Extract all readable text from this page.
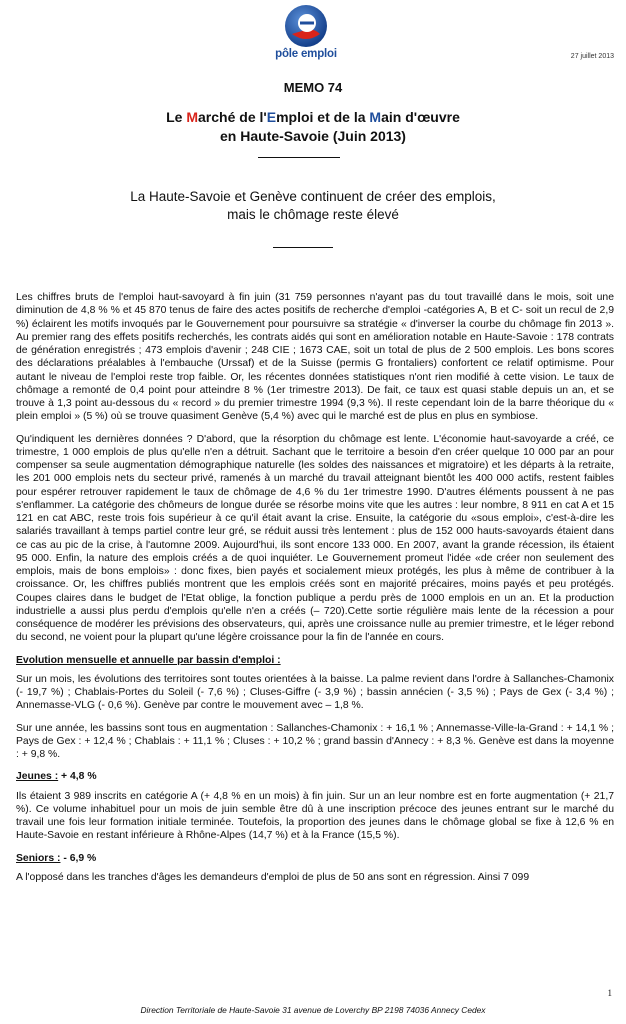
pôle emploi	27 juillet 2013
MEMO 74
Le Marché de l'Emploi et de la Main d'œuvre
en Haute-Savoie (Juin 2013)
La Haute-Savoie et Genève continuent de créer des emplois,
mais le chômage reste élevé

Les chiffres bruts de l'emploi haut-savoyard à fin juin (31 759 personnes n'ayant pas du tout travaillé dans le mois, soit une diminution de 4,8 % % et 45 870 tenus de faire des actes positifs de recherche d'emploi -catégories A, B et C- soit un recul de 2,9 %) éclairent les motifs invoqués par le Gouvernement pour poursuivre sa stratégie « d'inverser la courbe du chômage fin 2013 ». Au premier rang des effets positifs recherchés, les contrats aidés qui sont en amélioration notable en Haute-Savoie : 178 contrats de génération enregistrés ; 473 emplois d'avenir ; 248 CIE ; 1673 CAE, soit un total de plus de 2 500 emplois. Les bons scores des déclarations préalables à l'embauche (Urssaf) et de la Suisse (permis G frontaliers) confortent ce relatif optimisme. Pour autant le niveau de l'emploi reste trop faible. Or, les récentes données statistiques n'ont rien modifié à cette vision. Le taux de chômage a remonté de 0,4 point pour atteindre 8 % (1er trimestre 2013). De fait, ce taux est quasi stable depuis un an, et se trouve à 1,3 point au-dessous du « record » du premier trimestre 1994 (9,3 %). Il reste cependant loin de la barre théorique du « plein emploi » (5 %) où se trouve quasiment Genève (5,4 %) avec qui le marché est de plus en plus en symbiose.

Qu'indiquent les dernières données ? D'abord, que la résorption du chômage est lente. L'économie haut-savoyarde a créé, ce trimestre, 1 000 emplois de plus qu'elle n'en a détruit. Sachant que le territoire a besoin d'en créer quelque 10 000 par an pour compenser sa seule augmentation démographique naturelle (les soldes des naissances et migratoire) et les départs à la retraite, les 201 000 emplois nets du secteur privé, ramenés à un marché du travail atteignant bientôt les 400 000 actifs, restent faibles pour espérer retrouver rapidement le taux de chômage de 4,6 % du 1er trimestre 1990. D'autres éléments poussent à ne pas s'enflammer. La catégorie des chômeurs de longue durée se résorbe moins vite que les autres : leur nombre, 8 911 en cat A et 15 121 en cat ABC, reste trois fois supérieur à ce qu'il était avant la crise. Ensuite, la catégorie du «sous emploi», c'est-à-dire les salariés travaillant à temps partiel contre leur gré, se réduit aussi très lentement : plus de 152 000 hauts-savoyards étaient dans ce cas au pic de la crise, à l'automne 2009. Aujourd'hui, ils sont encore 133 000. En 2007, avant la grande récession, ils étaient 95 000. Enfin, la nature des emplois créés a de quoi inquiéter. Le Gouvernement promeut l'idée «de créer non seulement des emplois, mais de bons emplois» : donc fixes, bien payés et socialement mieux protégés, les plus à même de contribuer à la croissance. Or, les chiffres publiés montrent que les emplois créés sont en majorité précaires, moins payés et peu protégés. Coupes claires dans le budget de l'Etat oblige, la fonction publique a perdu près de 1000 emplois en un an. Et la production industrielle a aussi plus perdu d'emplois qu'elle n'en a créés (– 720).Cette sortie régulière mais lente de la récession a pour conséquence de modérer les prévisions des observateurs, qui, après une croissance nulle au premier trimestre, et le léger rebond du second, ne voient pour la plupart qu'une légère croissance pour la fin de l'année en cours.

Evolution mensuelle et annuelle par bassin d'emploi :

Sur un mois, les évolutions des territoires sont toutes orientées à la baisse. La palme revient dans l'ordre à Sallanches-Chamonix (- 19,7 %) ; Chablais-Portes du Soleil (- 7,6 %) ; Cluses-Giffre (- 3,9 %) ; bassin annécien (- 3,5 %) ; Pays de Gex (- 3,4 %) ; Annemasse-VLG (- 0,6 %). Genève par contre le mouvement avec – 1,8 %.

Sur une année, les bassins sont tous en augmentation : Sallanches-Chamonix : + 16,1 % ; Annemasse-Ville-la-Grand : + 14,1 % ; Pays de Gex : + 12,4 % ; Chablais : + 11,1 % ; Cluses : + 10,2 % ; grand bassin d'Annecy : + 8,3 %. Genève est dans la moyenne : + 9,8 %.

Jeunes : + 4,8 %

Ils étaient 3 989 inscrits en catégorie A (+ 4,8 % en un mois) à fin juin. Sur un an leur nombre est en forte augmentation (+ 21,7 %). Ce volume inhabituel pour un mois de juin semble être dû à une inscription précoce des jeunes entrant sur le marché du travail une fois leur formation initiale terminée. Toutefois, la proportion des jeunes dans le chômage global se fixe à 12,6 % en Haute-Savoie en restant inférieure à Rhône-Alpes (14,7 %) et à la France (15,5 %).

Seniors : - 6,9 %

A l'opposé dans les tranches d'âges les demandeurs d'emploi de plus de 50 ans sont en régression. Ainsi 7 099

1
Direction Territoriale de Haute-Savoie 31 avenue de Loverchy BP 2198 74036 Annecy Cedex
